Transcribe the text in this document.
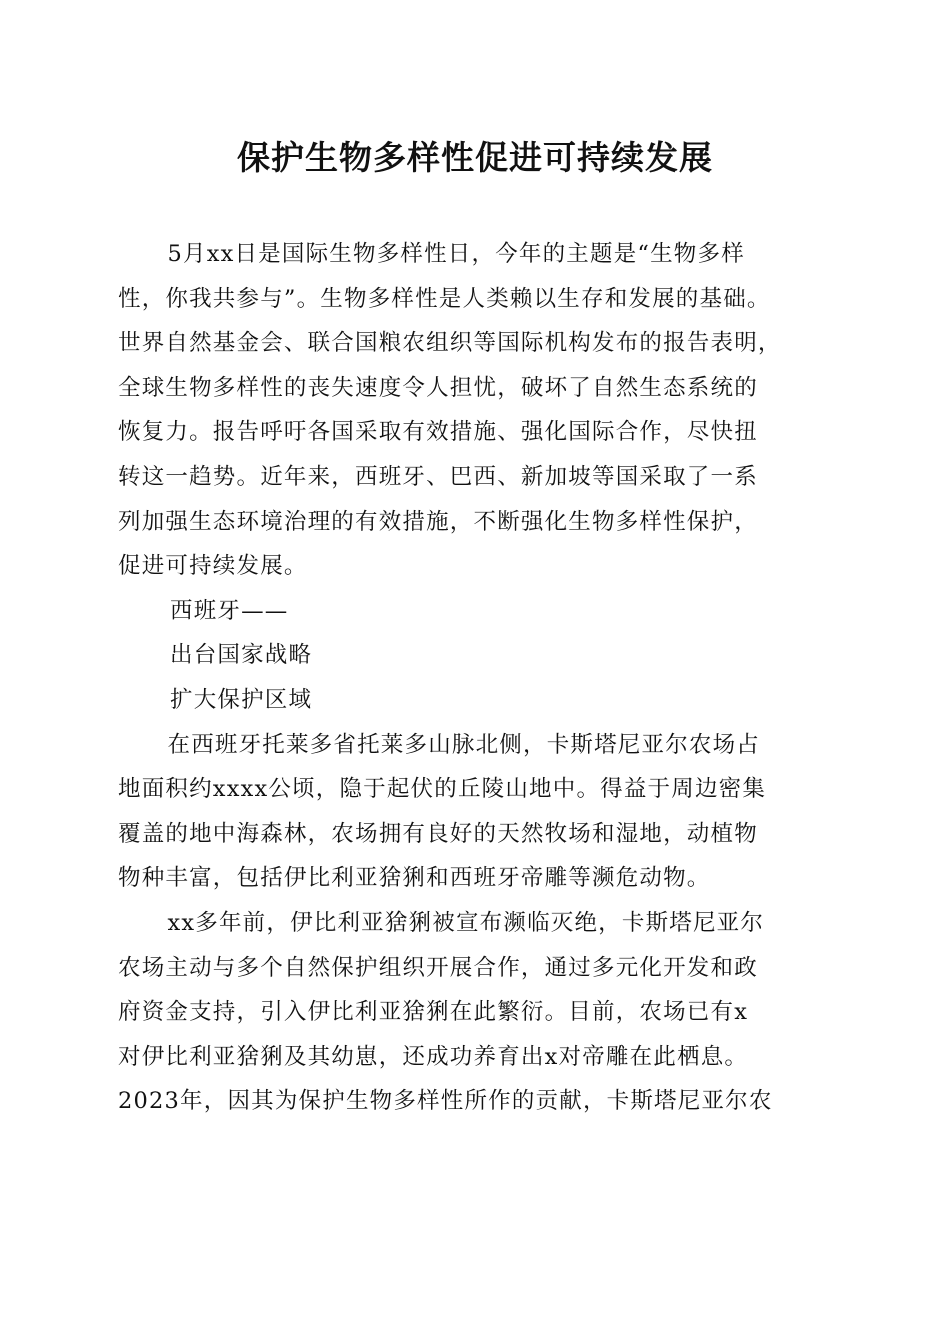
保护生物多样性促进可持续发展

5月xx日是国际生物多样性日，今年的主题是“生物多样
性，你我共参与”。生物多样性是人类赖以生存和发展的基础。
世界自然基金会、联合国粮农组织等国际机构发布的报告表明，
全球生物多样性的丧失速度令人担忧，破坏了自然生态系统的
恢复力。报告呼吁各国采取有效措施、强化国际合作，尽快扭
转这一趋势。近年来，西班牙、巴西、新加坡等国采取了一系
列加强生态环境治理的有效措施，不断强化生物多样性保护，
促进可持续发展。

西班牙——

出台国家战略

扩大保护区域

在西班牙托莱多省托莱多山脉北侧，卡斯塔尼亚尔农场占
地面积约xxxx公顷，隐于起伏的丘陵山地中。得益于周边密集
覆盖的地中海森林，农场拥有良好的天然牧场和湿地，动植物
物种丰富，包括伊比利亚猞猁和西班牙帝雕等濒危动物。

xx多年前，伊比利亚猞猁被宣布濒临灭绝，卡斯塔尼亚尔
农场主动与多个自然保护组织开展合作，通过多元化开发和政
府资金支持，引入伊比利亚猞猁在此繁衍。目前，农场已有x
对伊比利亚猞猁及其幼崽，还成功养育出x对帝雕在此栖息。
2023年，因其为保护生物多样性所作的贡献，卡斯塔尼亚尔农
